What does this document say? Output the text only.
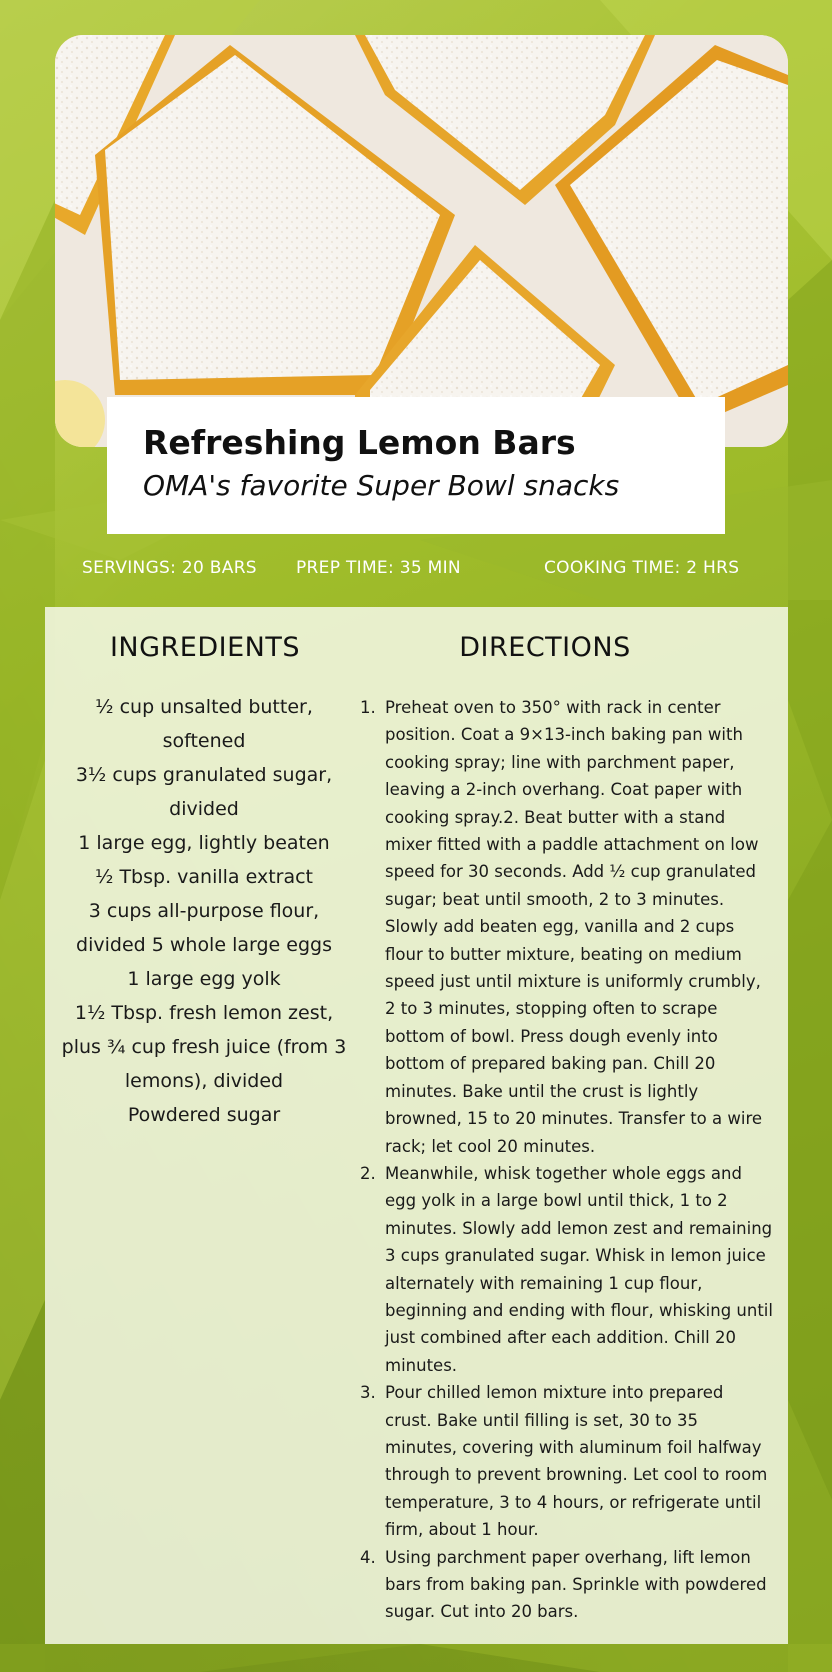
Refreshing Lemon Bars

OMA's favorite Super Bowl snacks

SERVINGS: 20 BARS PREP TIME: 35 MIN	COOKING TIME: 2 HRS
INGREDIENTS	DIRECTIONS
½ cup unsalted butter, softened
3½ cups granulated sugar, divided
1 large egg, lightly beaten
½ Tbsp. vanilla extract
3 cups all-purpose flour, divided 5 whole large eggs
1 large egg yolk
1½ Tbsp. fresh lemon zest, plus ¾ cup fresh juice (from 3 lemons), divided
Powdered sugar
1. Preheat oven to 350° with rack in center position. Coat a 9×13-inch baking pan with cooking spray; line with parchment paper, leaving a 2-inch overhang. Coat paper with cooking spray.2. Beat butter with a stand mixer fitted with a paddle attachment on low speed for 30 seconds. Add ½ cup granulated sugar; beat until smooth, 2 to 3 minutes. Slowly add beaten egg, vanilla and 2 cups flour to butter mixture, beating on medium speed just until mixture is uniformly crumbly, 2 to 3 minutes, stopping often to scrape bottom of bowl. Press dough evenly into bottom of prepared baking pan. Chill 20 minutes. Bake until the crust is lightly browned, 15 to 20 minutes. Transfer to a wire rack; let cool 20 minutes.
2. Meanwhile, whisk together whole eggs and egg yolk in a large bowl until thick, 1 to 2 minutes. Slowly add lemon zest and remaining 3 cups granulated sugar. Whisk in lemon juice alternately with remaining 1 cup flour, beginning and ending with flour, whisking until just combined after each addition. Chill 20 minutes.
3. Pour chilled lemon mixture into prepared crust. Bake until filling is set, 30 to 35 minutes, covering with aluminum foil halfway through to prevent browning. Let cool to room temperature, 3 to 4 hours, or refrigerate until firm, about 1 hour.
4. Using parchment paper overhang, lift lemon bars from baking pan. Sprinkle with powdered sugar. Cut into 20 bars.
